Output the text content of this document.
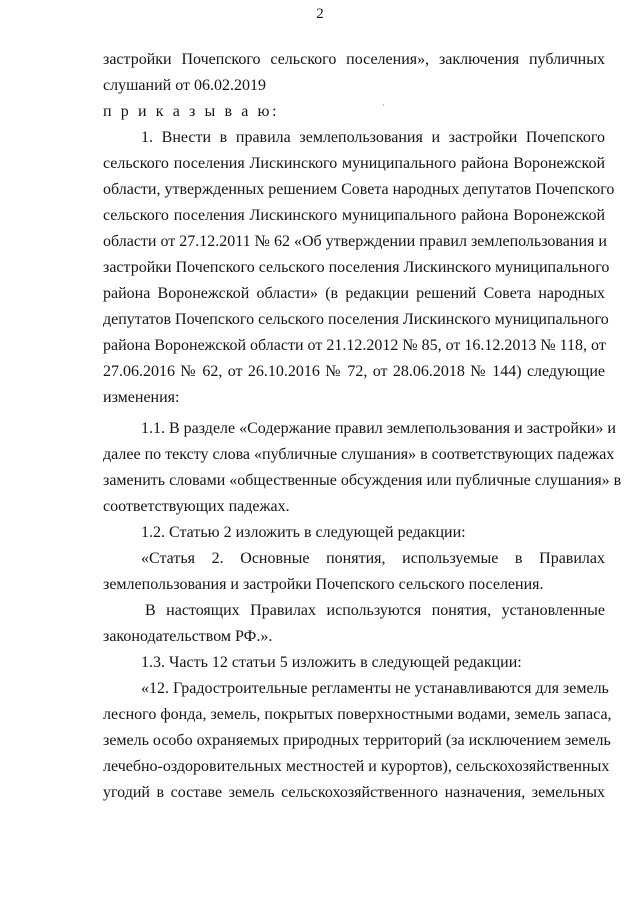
2
застройки Почепского сельского поселения», заключения публичных
слушаний от 06.02.2019
п р и к а з ы в а ю:
1. Внести в правила землепользования и застройки Почепского
сельского поселения Лискинского муниципального района Воронежской
области, утвержденных решением Совета народных депутатов Почепского
сельского поселения Лискинского муниципального района Воронежской
области от 27.12.2011 № 62 «Об утверждении правил землепользования и
застройки Почепского сельского поселения Лискинского муниципального
района Воронежской области» (в редакции решений Совета народных
депутатов Почепского сельского поселения Лискинского муниципального
района Воронежской области от 21.12.2012 № 85, от 16.12.2013 № 118, от
27.06.2016 № 62, от 26.10.2016 № 72, от 28.06.2018 № 144) следующие
изменения:
1.1. В разделе «Содержание правил землепользования и застройки» и
далее по тексту слова «публичные слушания» в соответствующих падежах
заменить словами «общественные обсуждения или публичные слушания» в
соответствующих падежах.
1.2. Статью 2 изложить в следующей редакции:
«Статья 2. Основные понятия, используемые в Правилах
землепользования и застройки Почепского сельского поселения.
В настоящих Правилах используются понятия, установленные
законодательством РФ.».
1.3. Часть 12 статьи 5 изложить в следующей редакции:
«12. Градостроительные регламенты не устанавливаются для земель
лесного фонда, земель, покрытых поверхностными водами, земель запаса,
земель особо охраняемых природных территорий (за исключением земель
лечебно-оздоровительных местностей и курортов), сельскохозяйственных
угодий в составе земель сельскохозяйственного назначения, земельных
